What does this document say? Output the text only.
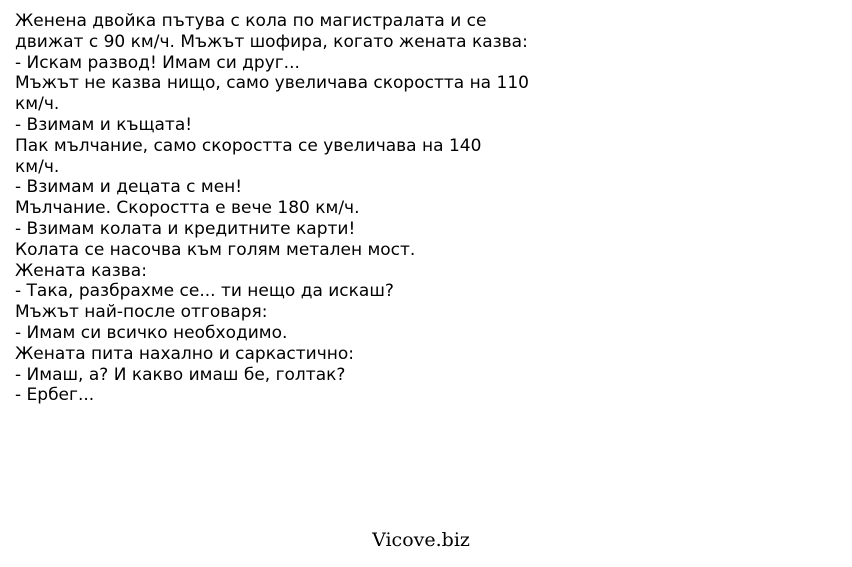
Женена двойка пътува с кола по магистралата и се
движат с 90 км/ч. Мъжът шофира, когато жената казва:
- Искам развод! Имам си друг...
Мъжът не казва нищо, само увеличава скоростта на 110
км/ч.
- Взимам и къщата!
Пак мълчание, само скоростта се увеличава на 140
км/ч.
- Взимам и децата с мен!
Мълчание. Скоростта е вече 180 км/ч.
- Взимам колата и кредитните карти!
Колата се насочва към голям метален мост.
Жената казва:
- Така, разбрахме се... ти нещо да искаш?
Мъжът най-после отговаря:
- Имам си всичко необходимо.
Жената пита нахално и саркастично:
- Имаш, а? И какво имаш бе, голтак?
- Ербег...
Vicove.biz
